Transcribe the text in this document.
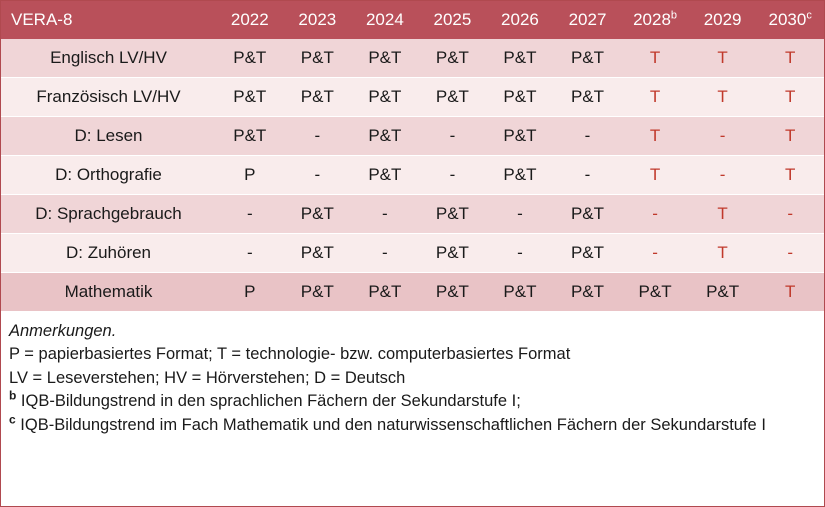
VERA-8	2022	2023	2024	2025	2026	2027	2028$^b$	2029	2030$^c$
Englisch LV/HV	P&T	P&T	P&T	P&T	P&T	P&T	T	T	T
Französisch LV/HV	P&T	P&T	P&T	P&T	P&T	P&T	T	T	T
D: Lesen	P&T	-	P&T	-	P&T	-	T	-	T
D: Orthografie	P	-	P&T	-	P&T	-	T	-	T
D: Sprachgebrauch	-	P&T	-	P&T	-	P&T	-	T	-
D: Zuhören	-	P&T	-	P&T	-	P&T	-	T	-
Mathematik	P	P&T	P&T	P&T	P&T	P&T	P&T	P&T	T
Anmerkungen.
P = papierbasiertes Format; T = technologie- bzw. computerbasiertes Format
LV = Leseverstehen; HV = Hörverstehen; D = Deutsch
$^b$ IQB-Bildungstrend in den sprachlichen Fächern der Sekundarstufe I;
$^c$ IQB-Bildungstrend im Fach Mathematik und den naturwissenschaftlichen Fächern der Sekundarstufe I
